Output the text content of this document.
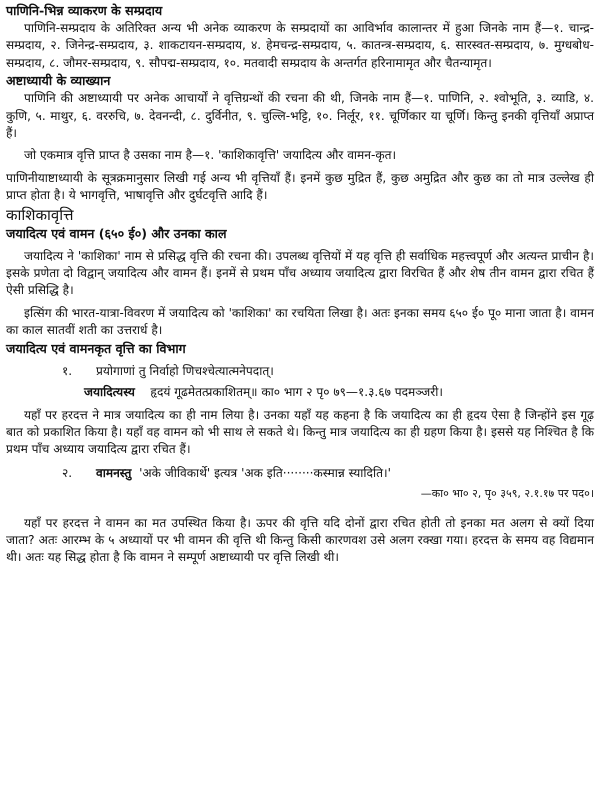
पाणिनि-भिन्न व्याकरण के सम्प्रदाय

पाणिनि-सम्प्रदाय के अतिरिक्त अन्य भी अनेक व्याकरण के सम्प्रदायों का आविर्भाव कालान्तर में हुआ जिनके नाम हैं—१. चान्द्र-सम्प्रदाय, २. जिनेन्द्र-सम्प्रदाय, ३. शाकटायन-सम्प्रदाय, ४. हेमचन्द्र-सम्प्रदाय, ५. कातन्त्र-सम्प्रदाय, ६. सारस्वत-सम्प्रदाय, ७. मुग्धबोध-सम्प्रदाय, ८. जौमर-सम्प्रदाय, ९. सौपद्म-सम्प्रदाय, १०. मतवादी सम्प्रदाय के अन्तर्गत हरिनामामृत और चैतन्यामृत।

अष्टाध्यायी के व्याख्यान

पाणिनि की अष्टाध्यायी पर अनेक आचार्यों ने वृत्तिग्रन्थों की रचना की थी, जिनके नाम हैं—१. पाणिनि, २. श्वोभूति, ३. व्याडि, ४. कुणि, ५. माथुर, ६. वररुचि, ७. देवनन्दी, ८. दुर्विनीत, ९. चुल्लि-भट्टि, १०. निर्लूर, ११. चूर्णिकार या चूर्णि। किन्तु इनकी वृत्तियाँ अप्राप्त हैं।

जो एकमात्र वृत्ति प्राप्त है उसका नाम है—१. 'काशिकावृत्ति' जयादित्य और वामन-कृत।

पाणिनीयाष्टाध्यायी के सूत्रक्रमानुसार लिखी गई अन्य भी वृत्तियाँ हैं। इनमें कुछ मुद्रित हैं, कुछ अमुद्रित और कुछ का तो मात्र उल्लेख ही प्राप्त होता है। ये भागवृत्ति, भाषावृत्ति और दुर्घटवृत्ति आदि हैं।

काशिकावृत्ति

जयादित्य एवं वामन (६५० ई०) और उनका काल

जयादित्य ने 'काशिका' नाम से प्रसिद्ध वृत्ति की रचना की। उपलब्ध वृत्तियों में यह वृत्ति ही सर्वाधिक महत्त्वपूर्ण और अत्यन्त प्राचीन है। इसके प्रणेता दो विद्वान् जयादित्य और वामन हैं। इनमें से प्रथम पाँच अध्याय जयादित्य द्वारा विरचित हैं और शेष तीन वामन द्वारा रचित हैं ऐसी प्रसिद्धि है।

इत्सिंग की भारत-यात्रा-विवरण में जयादित्य को 'काशिका' का रचयिता लिखा है। अतः इनका समय ६५० ई० पू० माना जाता है। वामन का काल सातवीं शती का उत्तरार्ध है।

जयादित्य एवं वामनकृत वृत्ति का विभाग

१. प्रयोगाणां तु निर्वाहो णिचश्चेत्यात्मनेपदात्।

जयादित्यस्य हृदयं गूढमेतत्प्रकाशितम्॥ का० भाग २ पृ० ७९—१.३.६७ पदमञ्जरी।

यहाँ पर हरदत्त ने मात्र जयादित्य का ही नाम लिया है। उनका यहाँ यह कहना है कि जयादित्य का ही हृदय ऐसा है जिन्होंने इस गूढ़ बात को प्रकाशित किया है। यहाँ वह वामन को भी साथ ले सकते थे। किन्तु मात्र जयादित्य का ही ग्रहण किया है। इससे यह निश्चित है कि प्रथम पाँच अध्याय जयादित्य द्वारा रचित हैं।

२. वामनस्तु 'अके जीविकार्थे' इत्यत्र 'अक इति········कस्मान्न स्यादिति।'

—का० भा० २, पृ० ३५९, २.१.१७ पर पद०।

यहाँ पर हरदत्त ने वामन का मत उपस्थित किया है। ऊपर की वृत्ति यदि दोनों द्वारा रचित होती तो इनका मत अलग से क्यों दिया जाता? अतः आरम्भ के ५ अध्यायों पर भी वामन की वृत्ति थी किन्तु किसी कारणवश उसे अलग रक्खा गया। हरदत्त के समय वह विद्यमान थी। अतः यह सिद्ध होता है कि वामन ने सम्पूर्ण अष्टाध्यायी पर वृत्ति लिखी थी।
